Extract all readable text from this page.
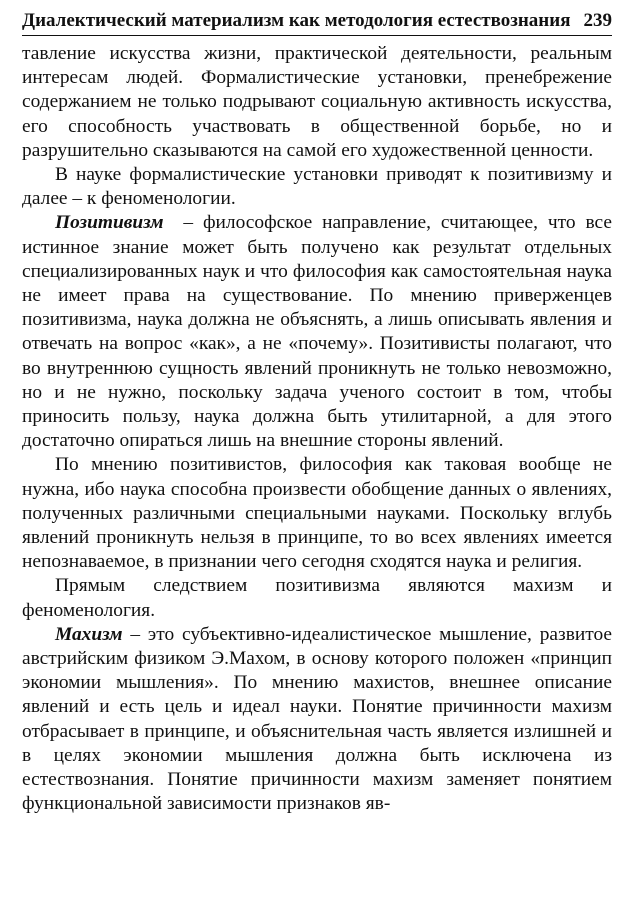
Диалектический материализм как методология естествознания 239

тавление искусства жизни, практической деятельности, реальным интересам людей. Формалистические установки, пренебрежение содержанием не только подрывают социальную активность искусства, его способность участвовать в общественной борьбе, но и разрушительно сказываются на самой его художественной ценности.

В науке формалистические установки приводят к позитивизму и далее – к феноменологии.

Позитивизм  – философское направление, считающее, что все истинное знание может быть получено как результат отдельных специализированных наук и что философия как самостоятельная наука не имеет права на существование. По мнению приверженцев позитивизма, наука должна не объяснять, а лишь описывать явления и отвечать на вопрос «как», а не «почему». Позитивисты полагают, что во внутреннюю сущность явлений проникнуть не только невозможно, но и не нужно, поскольку задача ученого состоит в том, чтобы приносить пользу, наука должна быть утилитарной, а для этого достаточно опираться лишь на внешние стороны явлений.

По мнению позитивистов, философия как таковая вообще не нужна, ибо наука способна произвести обобщение данных о явлениях, полученных различными специальными науками. Поскольку вглубь явлений проникнуть нельзя в принципе, то во всех явлениях имеется непознаваемое, в признании чего сегодня сходятся наука и религия.

Прямым следствием позитивизма являются махизм и феноменология.

Махизм – это субъективно-идеалистическое мышление, развитое австрийским физиком Э.Махом, в основу которого положен «принцип экономии мышления». По мнению махистов, внешнее описание явлений и есть цель и идеал науки. Понятие причинности махизм отбрасывает в принципе, и объяснительная часть является излишней и в целях экономии мышления должна быть исключена из естествознания. Понятие причинности махизм заменяет понятием функциональной зависимости признаков яв-
